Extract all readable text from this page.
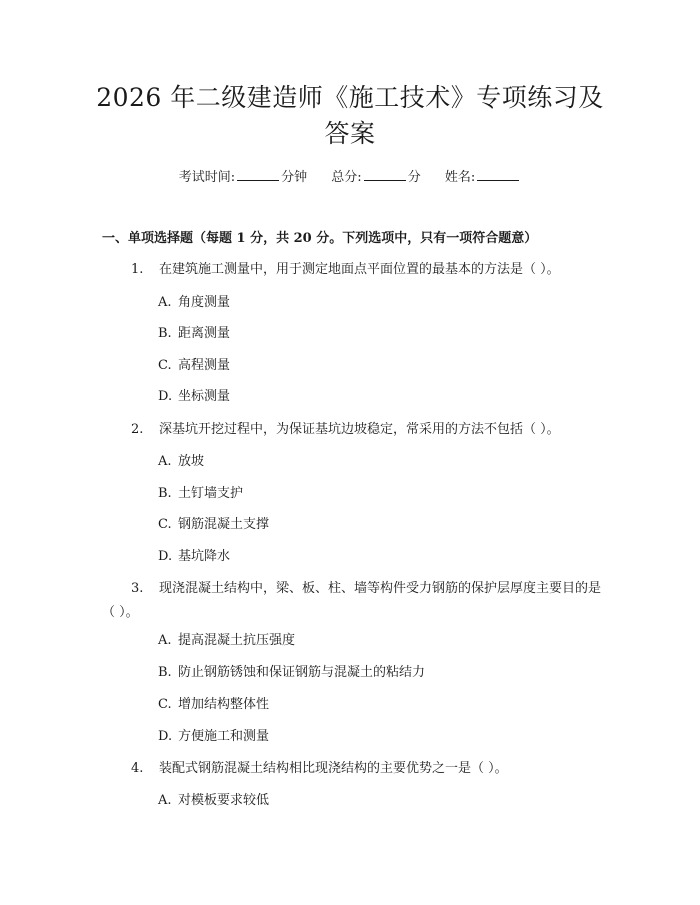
2026 年二级建造师《施工技术》专项练习及
答案
考试时间:	分钟 总分:	分 姓名:
一、单项选择题（每题 1 分，共 20 分。下列选项中，只有一项符合题意）
1. 在建筑施工测量中，用于测定地面点平面位置的最基本的方法是（ ）。
A. 角度测量
B. 距离测量
C. 高程测量
D. 坐标测量
2. 深基坑开挖过程中，为保证基坑边坡稳定，常采用的方法不包括（ ）。
A. 放坡
B. 土钉墙支护
C. 钢筋混凝土支撑
D. 基坑降水
3. 现浇混凝土结构中，梁、板、柱、墙等构件受力钢筋的保护层厚度主要目的是（ ）。
A. 提高混凝土抗压强度
B. 防止钢筋锈蚀和保证钢筋与混凝土的粘结力
C. 增加结构整体性
D. 方便施工和测量
4. 装配式钢筋混凝土结构相比现浇结构的主要优势之一是（ ）。
A. 对模板要求较低
